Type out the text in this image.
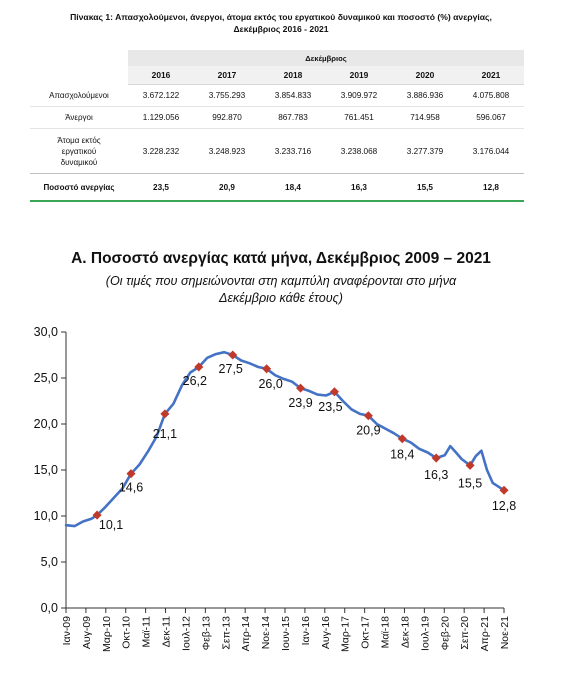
Πίνακας 1: Απασχολούμενοι, άνεργοι, άτομα εκτός του εργατικού δυναμικού και ποσοστό (%) ανεργίας,
Δεκέμβριος 2016 - 2021
	Δεκέμβριος					
	2016	2017	2018	2019	2020	2021
Απασχολούμενοι	3.672.122	3.755.293	3.854.833	3.909.972	3.886.936	4.075.808
Άνεργοι	1.129.056	992.870	867.783	761.451	714.958	596.067

Άτομα εκτός
εργατικού
δυναμικού	3.228.232	3.248.923	3.233.716	3.238.068	3.277.379	3.176.044
Ποσοστό ανεργίας	23,5	20,9	18,4	16,3	15,5	12,8
A. Ποσοστό ανεργίας κατά μήνα, Δεκέμβριος 2009 – 2021
(Οι τιμές που σημειώνονται στη καμπύλη αναφέρονται στο μήνα
Δεκέμβριο κάθε έτους)
0,0
5,0
10,0
15,0
20,0
25,0
30,0
Ιαν-09 Αυγ-09 Μαρ-10 Οκτ-10 Μαϊ-11 Δεκ-11 Ιουλ-12 Φεβ-13 Σεπ-13 Απρ-14 Νοε-14 Ιουν-15 Ιαν-16 Αυγ-16 Μαρ-17 Οκτ-17 Μαϊ-18 Δεκ-18 Ιουλ-19 Φεβ-20 Σεπ-20 Απρ-21 Νοε-21
10,1
14,6
21,1
26,2
27,5
26,0
23,9 23,5
20,9
18,4
16,3
15,5
12,8
